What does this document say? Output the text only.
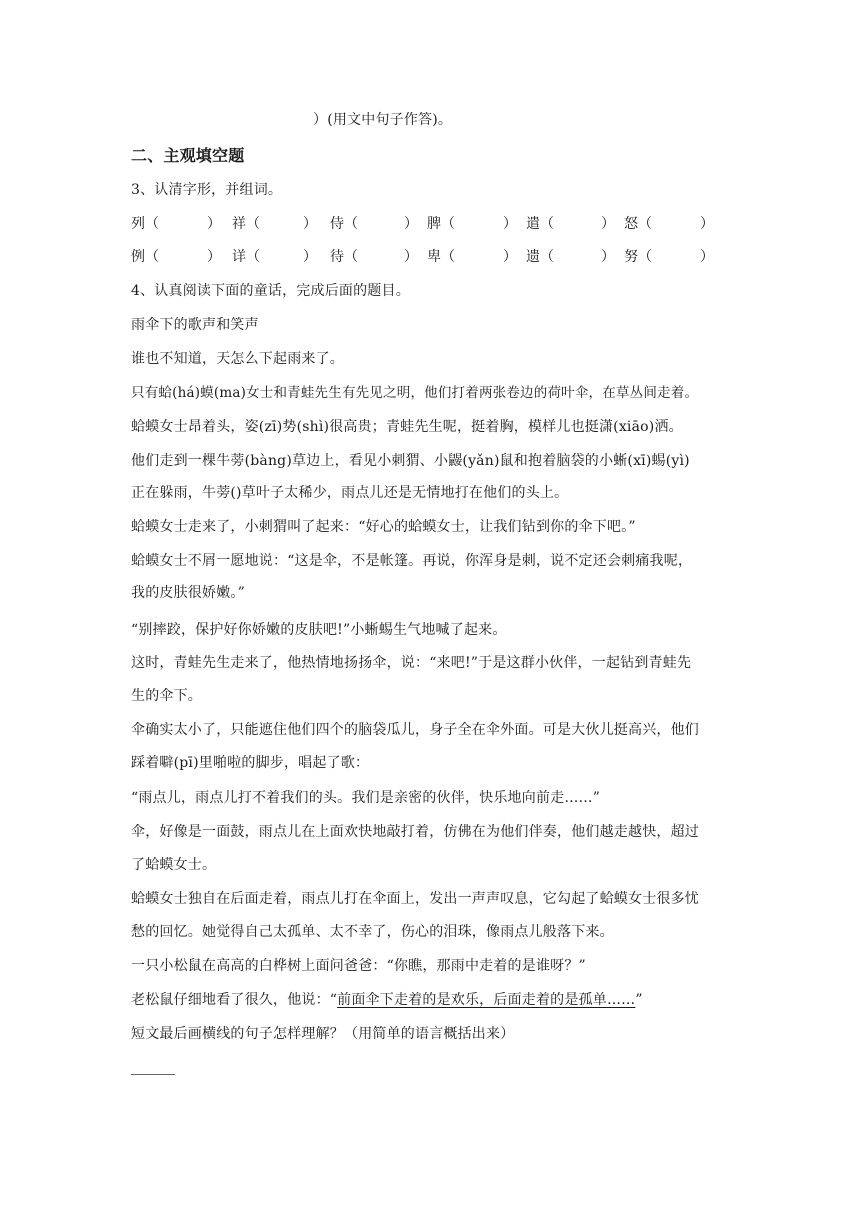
）(用文中句子作答)。
二、主观填空题
3、认清字形，并组词。
列（	） 祥（	） 侍（	） 脾（	） 遣（	） 怒（	）
例（	） 详（	） 待（	） 卑（	） 遗（	） 努（	）
4、认真阅读下面的童话，完成后面的题目。
雨伞下的歌声和笑声
谁也不知道，天怎么下起雨来了。
只有蛤(há)蟆(ma)女士和青蛙先生有先见之明，他们打着两张卷边的荷叶伞，在草丛间走着。
蛤蟆女士昂着头，姿(zī)势(shì)很高贵；青蛙先生呢，挺着胸，模样儿也挺潇(xiāo)洒。
他们走到一棵牛蒡(bàng)草边上，看见小刺猬、小鼹(yǎn)鼠和抱着脑袋的小蜥(xī)蜴(yì)
正在躲雨，牛蒡()草叶子太稀少，雨点儿还是无情地打在他们的头上。
蛤蟆女士走来了，小刺猬叫了起来：“好心的蛤蟆女士，让我们钻到你的伞下吧。”
蛤蟆女士不屑一愿地说：“这是伞，不是帐篷。再说，你浑身是刺，说不定还会刺痛我呢，
我的皮肤很娇嫩。”
“别摔跤，保护好你娇嫩的皮肤吧!”小蜥蜴生气地喊了起来。
这时，青蛙先生走来了，他热情地扬扬伞，说：“来吧!”于是这群小伙伴，一起钻到青蛙先
生的伞下。
伞确实太小了，只能遮住他们四个的脑袋瓜儿，身子全在伞外面。可是大伙儿挺高兴，他们
踩着噼(pī)里啪啦的脚步，唱起了歌：
“雨点儿，雨点儿打不着我们的头。我们是亲密的伙伴，快乐地向前走……”
伞，好像是一面鼓，雨点儿在上面欢快地敲打着，仿佛在为他们伴奏，他们越走越快，超过
了蛤蟆女士。
蛤蟆女士独自在后面走着，雨点儿打在伞面上，发出一声声叹息，它勾起了蛤蟆女士很多忧
愁的回忆。她觉得自己太孤单、太不幸了，伤心的泪珠，像雨点儿般落下来。
一只小松鼠在高高的白桦树上面问爸爸：“你瞧，那雨中走着的是谁呀？”
老松鼠仔细地看了很久，他说：“前面伞下走着的是欢乐，后面走着的是孤单……”
短文最后画横线的句子怎样理解？（用简单的语言概括出来）
